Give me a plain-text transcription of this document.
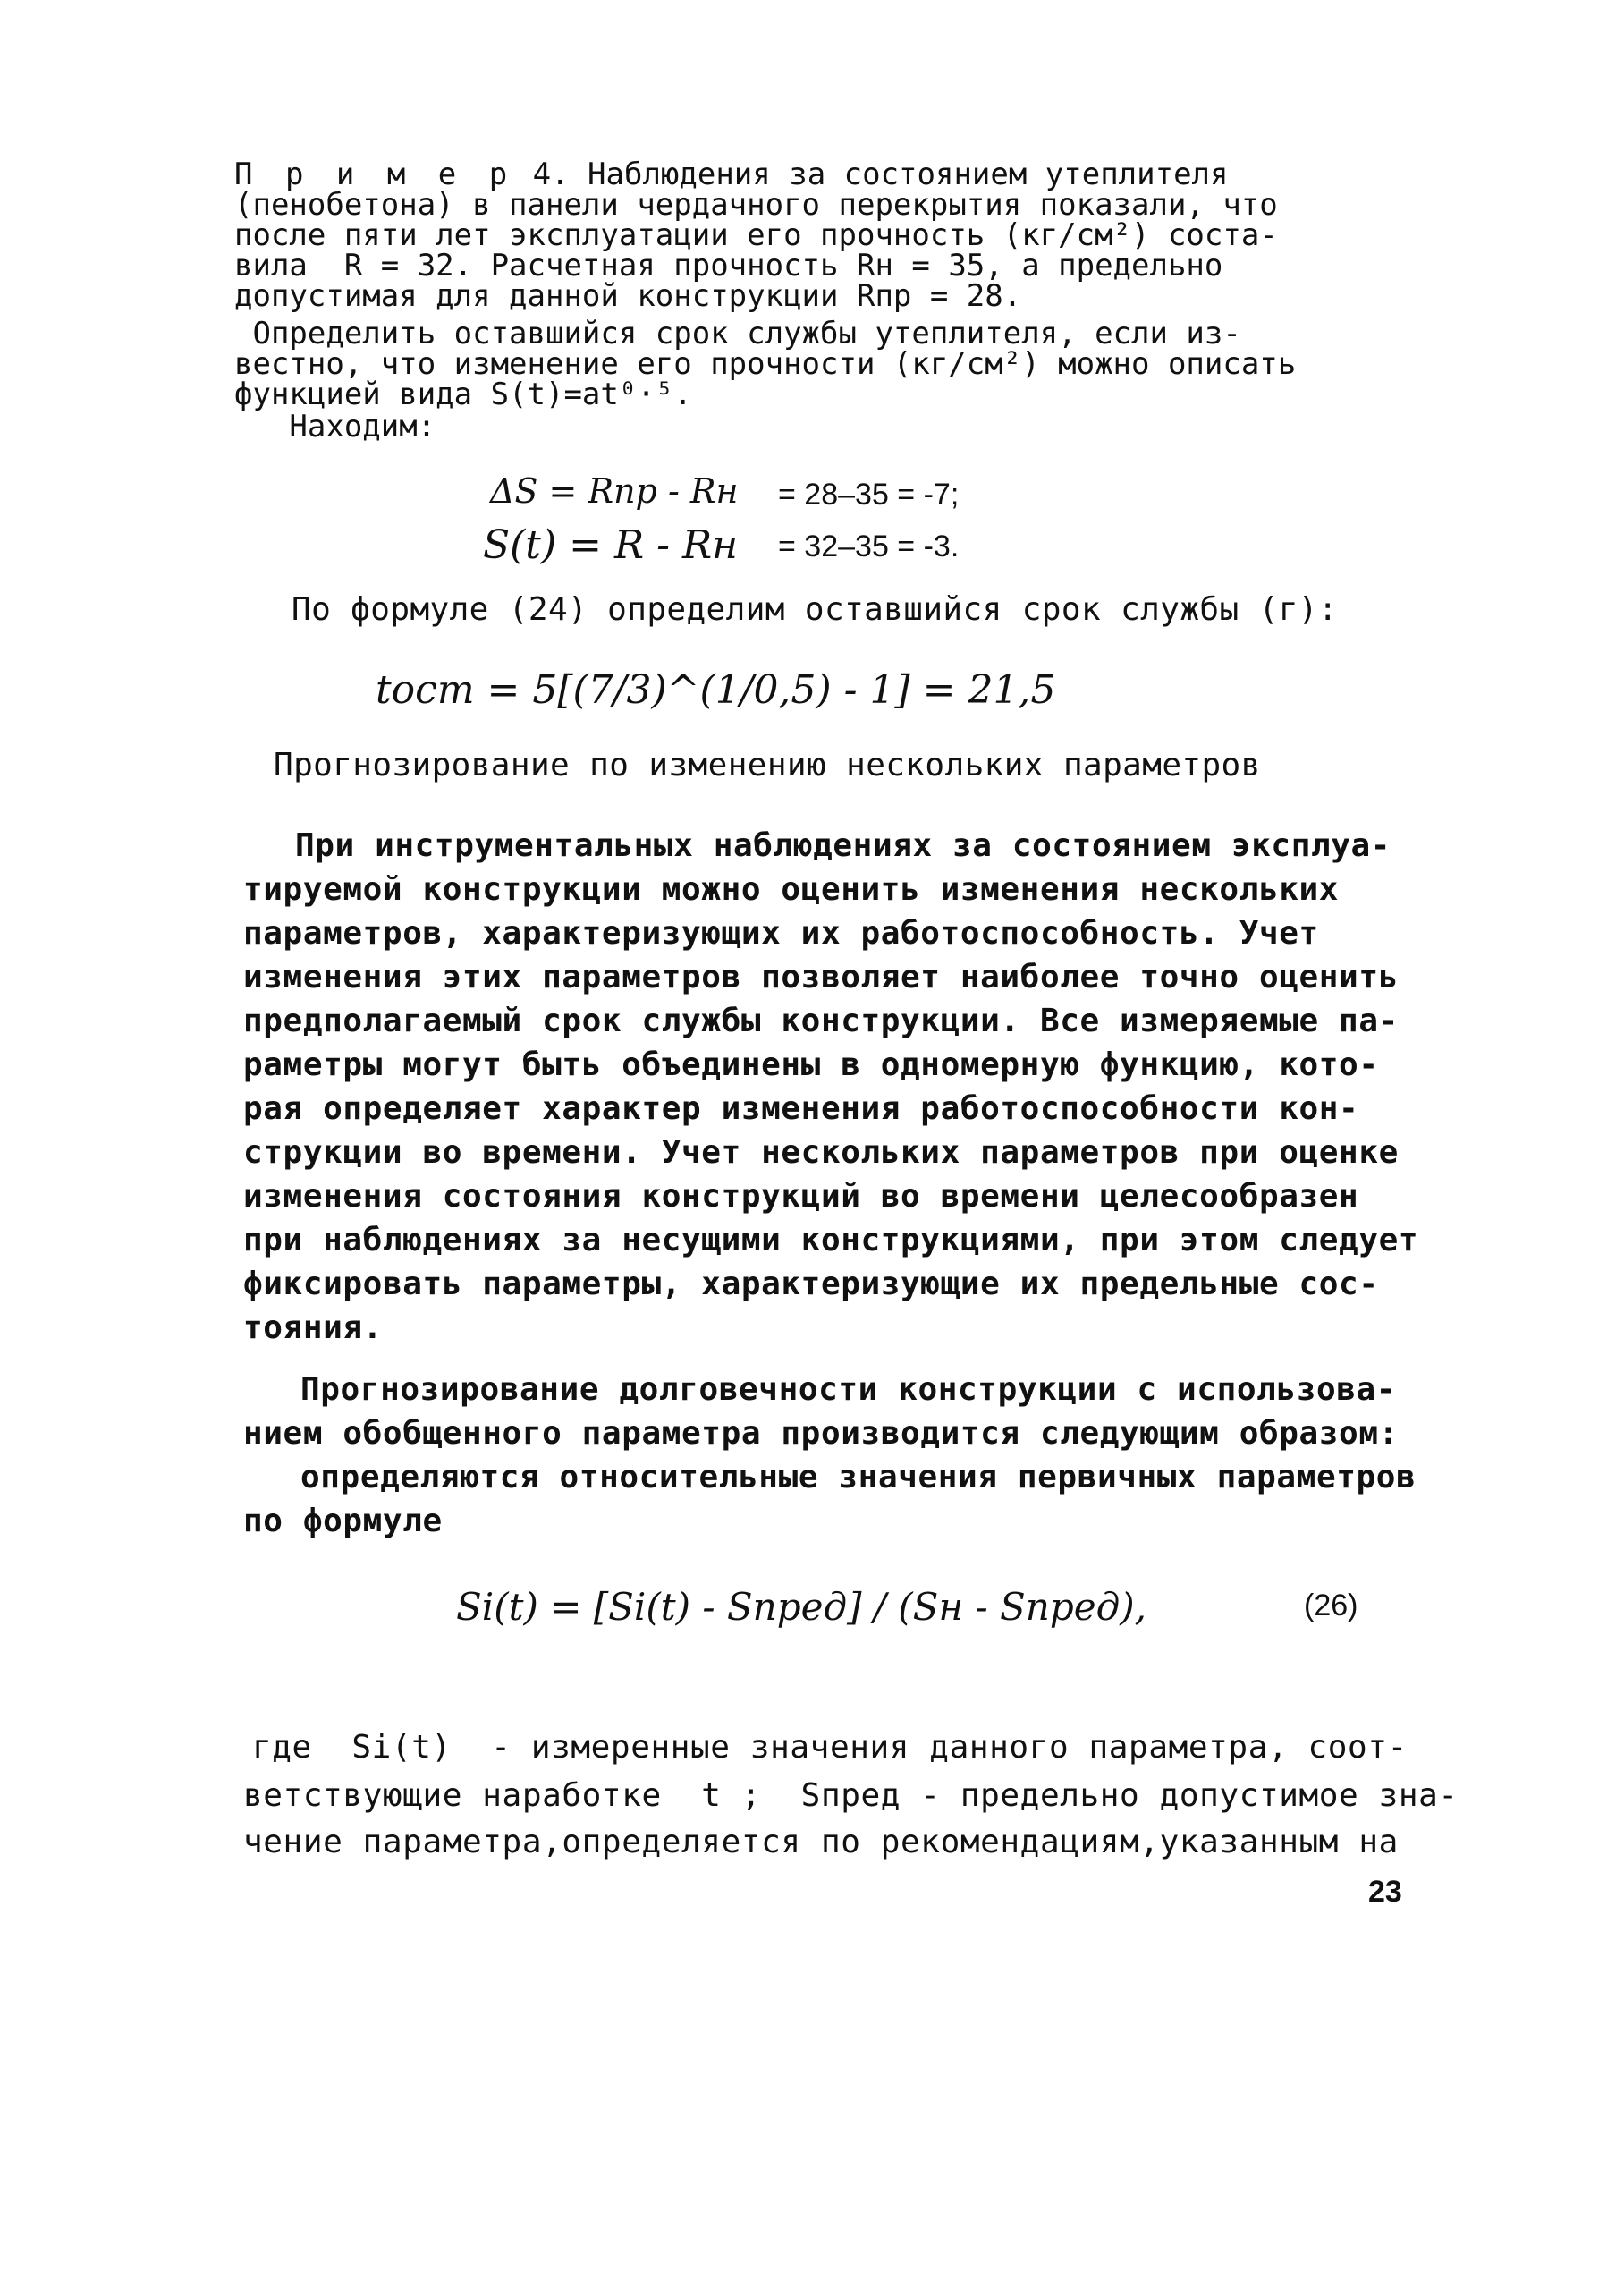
П р и м е р 4. Наблюдения за состоянием утеплителя
(пенобетона) в панели чердачного перекрытия показали, что
после пяти лет эксплуатации его прочность (кг/см²) соста-
вила  R = 32. Расчетная прочность Rн = 35, а предельно
допустимая для данной конструкции Rпр = 28.
Определить оставшийся срок службы утеплителя, если из-
вестно, что изменение его прочности (кг/см²) можно описать
функцией вида S(t)=at⁰·⁵.
Находим:
ΔS = Rпр - Rн = 28–35 = -7;
S(t) = R - Rн = 32–35 = -3.
По формуле (24) определим оставшийся срок службы (г):
tост = 5[(7/3)^(1/0,5) - 1] = 21,5
Прогнозирование по изменению нескольких параметров
При инструментальных наблюдениях за состоянием эксплуа-
тируемой конструкции можно оценить изменения нескольких
параметров, характеризующих их работоспособность. Учет
изменения этих параметров позволяет наиболее точно оценить
предполагаемый срок службы конструкции. Все измеряемые па-
раметры могут быть объединены в одномерную функцию, кото-
рая определяет характер изменения работоспособности кон-
струкции во времени. Учет нескольких параметров при оценке
изменения состояния конструкций во времени целесообразен
при наблюдениях за несущими конструкциями, при этом следует
фиксировать параметры, характеризующие их предельные сос-
тояния.
Прогнозирование долговечности конструкции с использова-
нием обобщенного параметра производится следующим образом:
определяются относительные значения первичных параметров
по формуле
Si(t) = [Si(t) - Sпред] / (Sн - Sпред),	(26)
где  Si(t)  - измеренные значения данного параметра, соот-
ветствующие наработке  t ;  Sпред - предельно допустимое зна-
чение параметра,определяется по рекомендациям,указанным на
23
